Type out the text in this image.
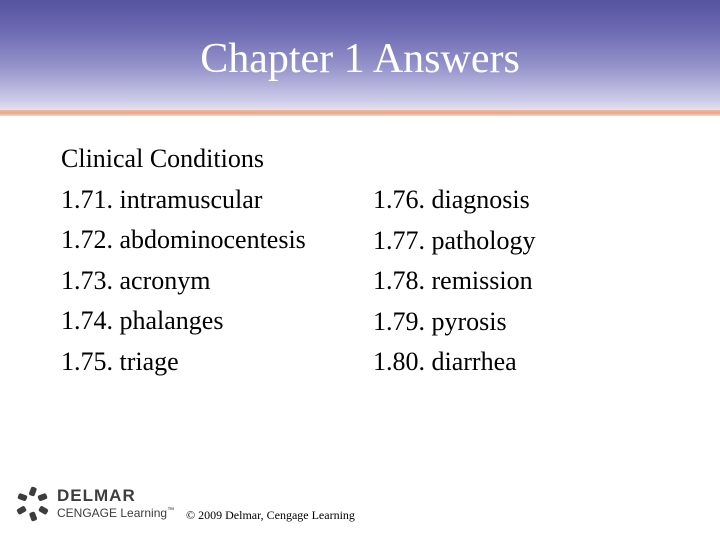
Chapter 1 Answers
Clinical Conditions
1.71. intramuscular
1.72. abdominocentesis
1.73. acronym
1.74. phalanges
1.75. triage
1.76. diagnosis
1.77. pathology
1.78. remission
1.79. pyrosis
1.80. diarrhea
DELMAR
CENGAGE Learning™ © 2009 Delmar, Cengage Learning
